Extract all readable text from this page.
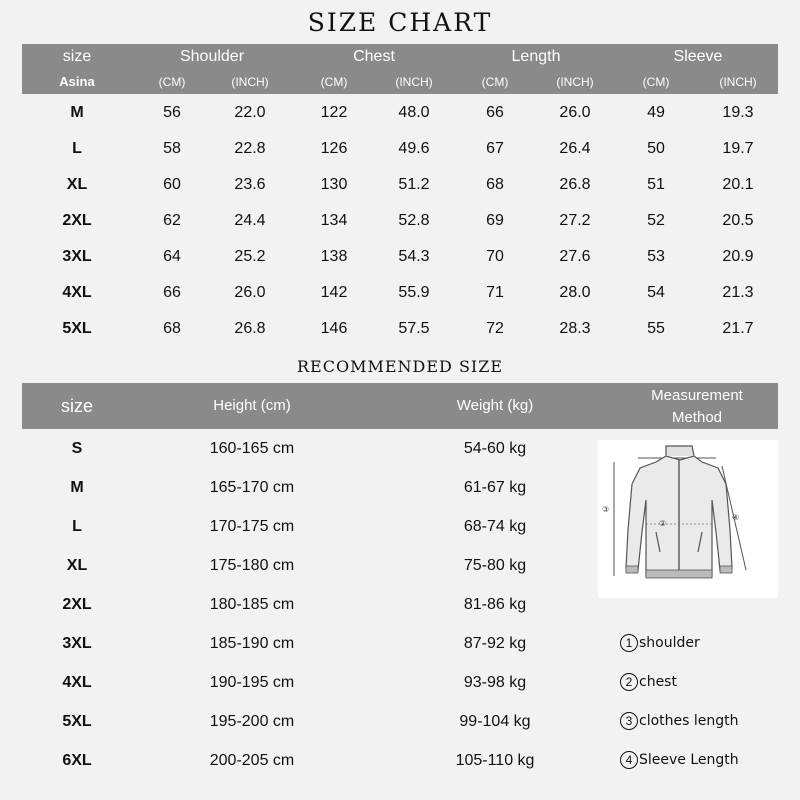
SIZE CHART
size
Asina
Shoulder	Chest	Length	Sleeve
(CM)	(INCH)	(CM)	(INCH)	(CM)	(INCH)	(CM)	(INCH)
M	56	22.0	122	48.0	66	26.0	49	19.3
L	58	22.8	126	49.6	67	26.4	50	19.7
XL	60	23.6	130	51.2	68	26.8	51	20.1
2XL	62	24.4	134	52.8	69	27.2	52	20.5
3XL	64	25.2	138	54.3	70	27.6	53	20.9
4XL	66	26.0	142	55.9	71	28.0	54	21.3
5XL	68	26.8	146	57.5	72	28.3	55	21.7
RECOMMENDED SIZE
size	Height (cm)	Weight (kg)
Measurement
Method
S	160-165 cm	54-60 kg
M	165-170 cm	61-67 kg
L	170-175 cm	68-74 kg
XL	175-180 cm	75-80 kg
2XL	180-185 cm	81-86 kg
3XL	185-190 cm	87-92 kg
4XL	190-195 cm	93-98 kg
5XL	195-200 cm	99-104 kg
6XL	200-205 cm	105-110 kg
②
③
④
1 shoulder
2 chest
3 clothes length
4 Sleeve Length
